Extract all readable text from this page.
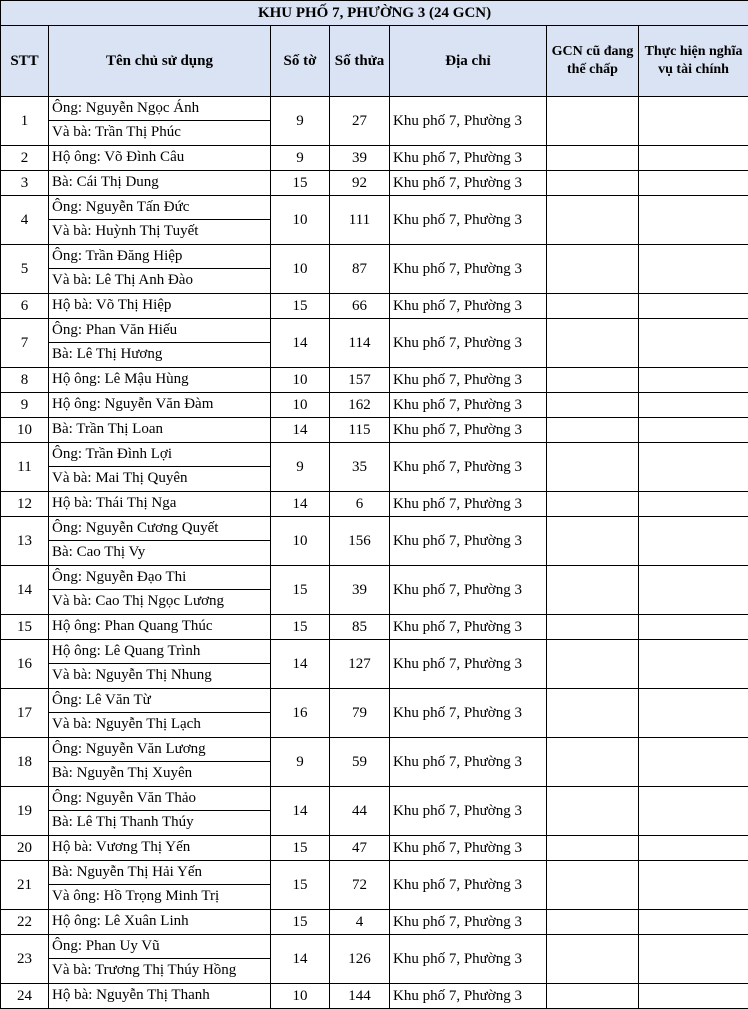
KHU PHỐ 7, PHƯỜNG 3 (24 GCN)						
STT	Tên chủ sử dụng	Số tờ	Số thửa	Địa chỉ	GCN cũ đang thế chấp	Thực hiện nghĩa vụ tài chính
1	Ông: Nguyễn Ngọc Ánh
Và bà: Trần Thị Phúc	9	27	Khu phố 7, Phường 3		
2	Hộ ông: Võ Đình Câu	9	39	Khu phố 7, Phường 3		
3	Bà: Cái Thị Dung	15	92	Khu phố 7, Phường 3		
4	Ông: Nguyễn Tấn Đức
Và bà: Huỳnh Thị Tuyết	10	111	Khu phố 7, Phường 3		
5	Ông: Trần Đăng Hiệp
Và bà: Lê Thị Anh Đào	10	87	Khu phố 7, Phường 3		
6	Hộ bà: Võ Thị Hiệp	15	66	Khu phố 7, Phường 3		
7	Ông: Phan Văn Hiếu
Bà: Lê Thị Hương	14	114	Khu phố 7, Phường 3		
8	Hộ ông: Lê Mậu Hùng	10	157	Khu phố 7, Phường 3		
9	Hộ ông: Nguyễn Văn Đàm	10	162	Khu phố 7, Phường 3		
10	Bà: Trần Thị Loan	14	115	Khu phố 7, Phường 3		
11	Ông: Trần Đình Lợi
Và bà: Mai Thị Quyên	9	35	Khu phố 7, Phường 3		
12	Hộ bà: Thái Thị Nga	14	6	Khu phố 7, Phường 3		
13	Ông: Nguyễn Cương Quyết
Bà: Cao Thị Vy	10	156	Khu phố 7, Phường 3		
14	Ông: Nguyễn Đạo Thi
Và bà: Cao Thị Ngọc Lương	15	39	Khu phố 7, Phường 3		
15	Hộ ông: Phan Quang Thúc	15	85	Khu phố 7, Phường 3		
16	Hộ ông: Lê Quang Trình
Và bà: Nguyễn Thị Nhung	14	127	Khu phố 7, Phường 3		
17	Ông: Lê Văn Từ
Và bà: Nguyễn Thị Lạch	16	79	Khu phố 7, Phường 3		
18	Ông: Nguyễn Văn Lương
Bà: Nguyễn Thị Xuyên	9	59	Khu phố 7, Phường 3		
19	Ông: Nguyễn Văn Thảo
Bà: Lê Thị Thanh Thúy	14	44	Khu phố 7, Phường 3		
20	Hộ bà: Vương Thị Yến	15	47	Khu phố 7, Phường 3		
21	Bà: Nguyễn Thị Hải Yến
Và ông: Hồ Trọng Minh Trị	15	72	Khu phố 7, Phường 3		
22	Hộ ông: Lê Xuân Linh	15	4	Khu phố 7, Phường 3		
23	Ông: Phan Uy Vũ
Và bà: Trương Thị Thúy Hồng	14	126	Khu phố 7, Phường 3		
24	Hộ bà: Nguyễn Thị Thanh	10	144	Khu phố 7, Phường 3		
